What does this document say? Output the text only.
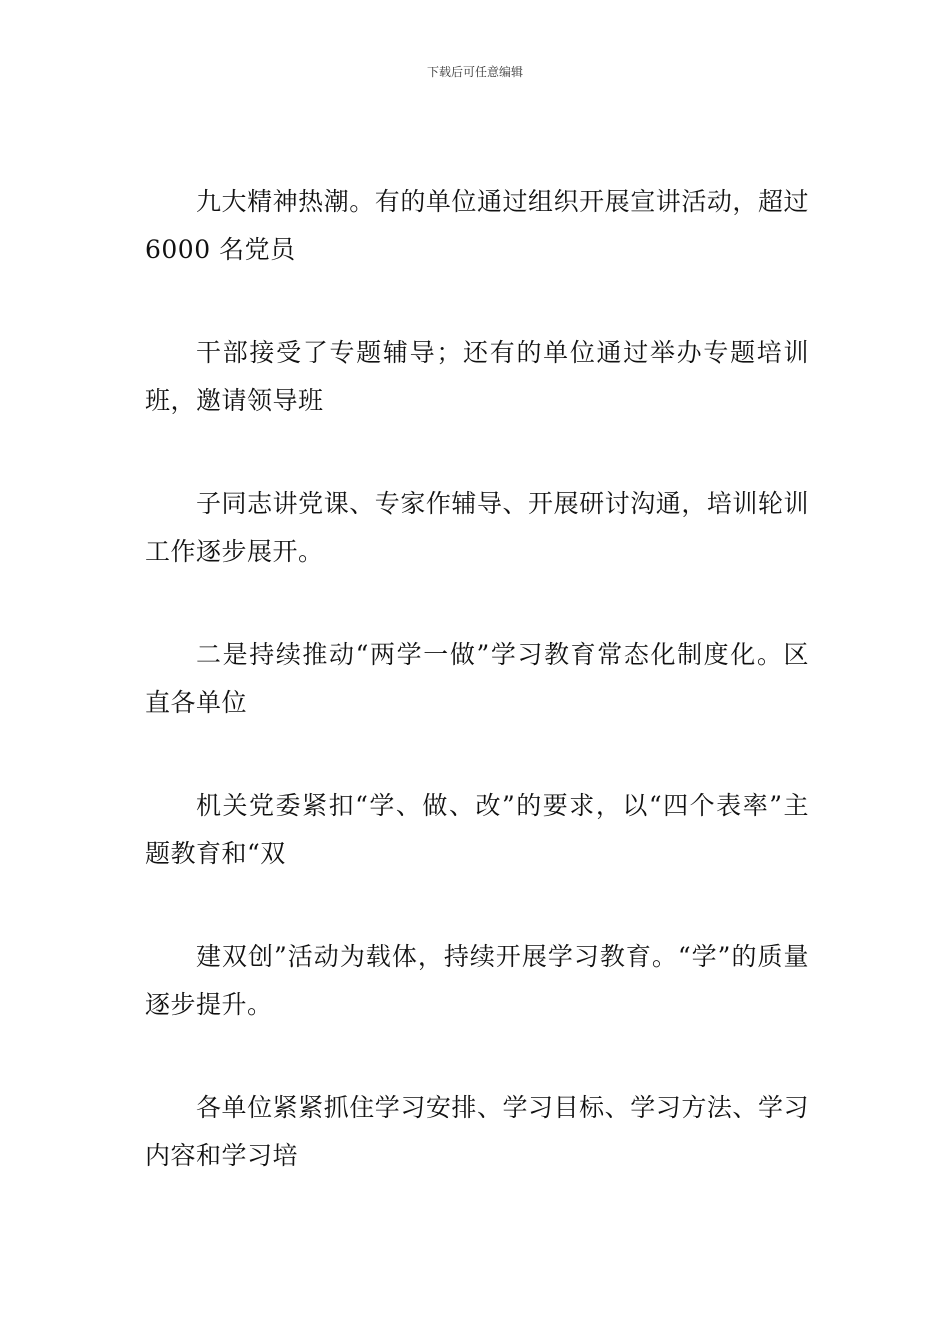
下载后可任意编辑

九大精神热潮。有的单位通过组织开展宣讲活动，超过 6000 名党员

干部接受了专题辅导；还有的单位通过举办专题培训班，邀请领导班

子同志讲党课、专家作辅导、开展研讨沟通，培训轮训工作逐步展开。

二是持续推动“两学一做”学习教育常态化制度化。区直各单位

机关党委紧扣“学、做、改”的要求，以“四个表率”主题教育和“双

建双创”活动为载体，持续开展学习教育。“学”的质量逐步提升。

各单位紧紧抓住学习安排、学习目标、学习方法、学习内容和学习培
